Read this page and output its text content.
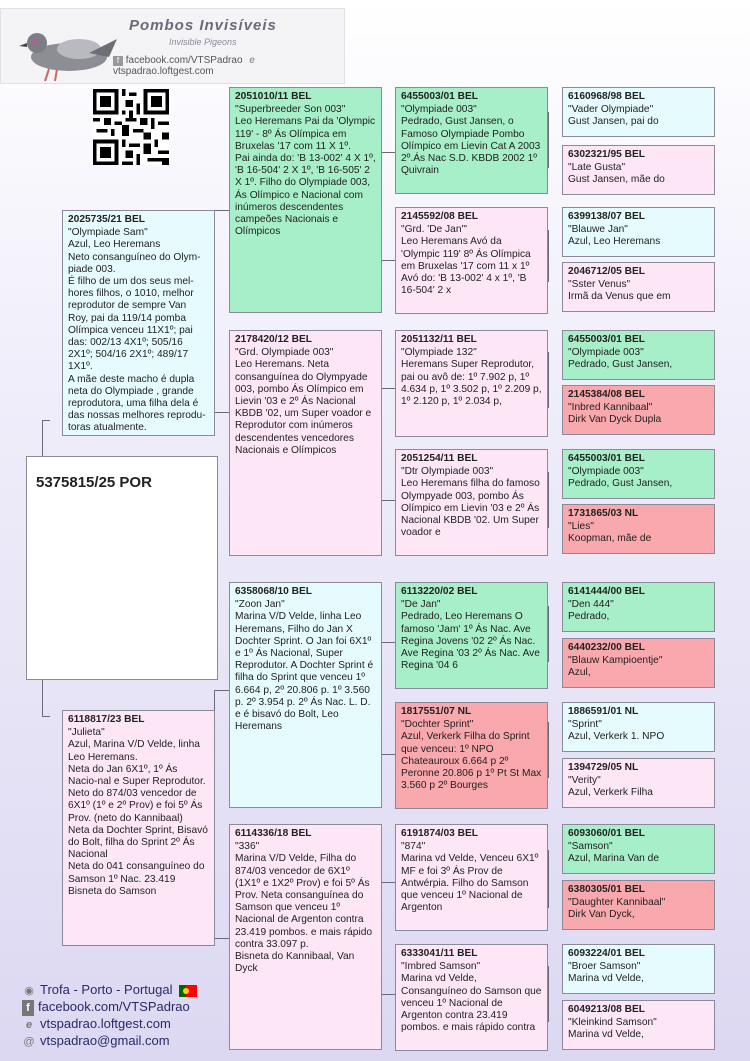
Pombos Invisíveis
Invisible Pigeons
f facebook.com/VTSPadrao e vtspadrao.loftgest.com
5375815/25 POR
2025735/21 BEL
"Olympiade Sam"
Azul, Leo Heremans
Neto consanguíneo do Olym-piade 003.
É filho de um dos seus mel-hores filhos, o 1010, melhor reprodutor de sempre Van Roy, pai da 119/14 pomba Olímpica venceu 11X1º; pai das: 002/13 4X1º; 505/16 2X1º; 504/16 2X1º; 489/17 1X1º.
A mãe deste macho é dupla neta do Olympiade , grande reprodutora, uma filha dela é das nossas melhores reprodu-toras atualmente.
6118817/23 BEL
"Julieta"
Azul, Marina V/D Velde, linha Leo Heremans.
Neta do Jan 6X1º, 1º Ás Nacio-nal e Super Reprodutor.
Neto do 874/03 vencedor de 6X1º (1º e 2º Prov) e foi 5º Ás Prov. (neto do Kannibaal)
Neta da Dochter Sprint, Bisavó do Bolt, filha do Sprint 2º Ás Nacional
Neta do 041 consanguíneo do Samson 1º Nac. 23.419
Bisneta do Samson
2051010/11 BEL
"Superbreeder Son 003"
Leo Heremans Pai da 'Olympic 119' - 8º Ás Olímpica em Bruxelas '17 com 11 X 1º.
Pai ainda do: 'B 13-002' 4 X 1º, 'B 16-504' 2 X 1º, 'B 16-505' 2 X 1º. Filho do Olympiade 003, Ás Olímpico e Nacional com inúmeros descendentes campeões Nacionais e Olímpicos
2178420/12 BEL
"Grd. Olympiade 003"
Leo Heremans. Neta consanguínea do Olympyade 003, pombo Ás Olímpico em Lievin '03 e 2º Ás Nacional KBDB '02, um Super voador e Reprodutor com inúmeros descendentes vencedores Nacionais e Olímpicos
6358068/10 BEL
"Zoon Jan"
Marina V/D Velde, linha Leo Heremans, Filho do Jan X Dochter Sprint. O Jan foi 6X1º e 1º Ás Nacional, Super Reprodutor. A Dochter Sprint é filha do Sprint que venceu 1º 6.664 p, 2º 20.806 p. 1º 3.560 p. 2º 3.954 p. 2º Ás Nac. L. D. e é bisavó do Bolt, Leo Heremans
6114336/18 BEL
"336"
Marina V/D Velde, Filha do 874/03 vencedor de 6X1º (1X1º e 1X2º Prov) e foi 5º Ás Prov. Neta consanguínea do Samson que venceu 1º Nacional de Argenton contra 23.419 pombos. e mais rápido contra 33.097 p.
Bisneta do Kannibaal, Van Dyck
6455003/01 BEL
"Olympiade 003"
Pedrado, Gust Jansen, o Famoso Olympiade Pombo Olímpico em Lievin Cat A 2003
2º.Ás Nac S.D. KBDB 2002 1º Quivrain
2145592/08 BEL
"Grd. 'De Jan'"
Leo Heremans Avó da 'Olympic 119' 8º Ás Olímpica em Bruxelas '17 com 11 x 1º Avó do: 'B 13-002' 4 x 1º, 'B 16-504' 2 x
2051132/11 BEL
"Olympiade 132"
Heremans Super Reprodutor, pai ou avô de: 1º 7.902 p, 1º 4.634 p, 1º 3.502 p, 1º 2.209 p, 1º 2.120 p, 1º 2.034 p,
2051254/11 BEL
"Dtr Olympiade 003"
Leo Heremans filha do famoso Olympyade 003, pombo Ás Olímpico em Lievin '03 e 2º Ás Nacional KBDB '02. Um Super voador e
6113220/02 BEL
"De Jan"
Pedrado, Leo Heremans O famoso 'Jam' 1º Ás Nac. Ave Regina Jovens '02 2º Ás Nac. Ave Regina '03 2º Ás Nac. Ave Regina '04 6
1817551/07 NL
"Dochter Sprint"
Azul, Verkerk Filha do Sprint que venceu: 1º NPO Chateauroux 6.664 p 2º Peronne 20.806 p 1º Pt St Max 3.560 p 2º Bourges
6191874/03 BEL
"874"
Marina vd Velde, Venceu 6X1º MF e foi 3º Ás Prov de Antwérpia. Filho do Samson que venceu 1º Nacional de Argenton
6333041/11 BEL
"Imbred Samson"
Marina vd Velde, Consanguíneo do Samson que venceu 1º Nacional de Argenton contra 23.419 pombos. e mais rápido contra
6160968/98 BEL
"Vader Olympiade"
Gust Jansen, pai do
6302321/95 BEL
"Late Gusta"
Gust Jansen, mãe do
6399138/07 BEL
"Blauwe Jan"
Azul, Leo Heremans
2046712/05 BEL
"Sster Venus"
Irmã da Venus que em
6455003/01 BEL
"Olympiade 003"
Pedrado, Gust Jansen,
2145384/08 BEL
"Inbred Kannibaal"
Dirk Van Dyck Dupla
6455003/01 BEL
"Olympiade 003"
Pedrado, Gust Jansen,
1731865/03 NL
"Lies"
Koopman, mãe de
6141444/00 BEL
"Den 444"
Pedrado,
6440232/00 BEL
"Blauw Kampioentje"
Azul,
1886591/01 NL
"Sprint"
Azul, Verkerk 1. NPO
1394729/05 NL
"Verity"
Azul, Verkerk Filha
6093060/01 BEL
"Samson"
Azul, Marina Van de
6380305/01 BEL
"Daughter Kannibaal"
Dirk Van Dyck,
6093224/01 BEL
"Broer Samson"
Marina vd Velde,
6049213/08 BEL
"Kleinkind Samson"
Marina vd Velde,
◉ Trofa - Porto - Portugal
f facebook.com/VTSPadrao
e vtspadrao.loftgest.com
@ vtspadrao@gmail.com
